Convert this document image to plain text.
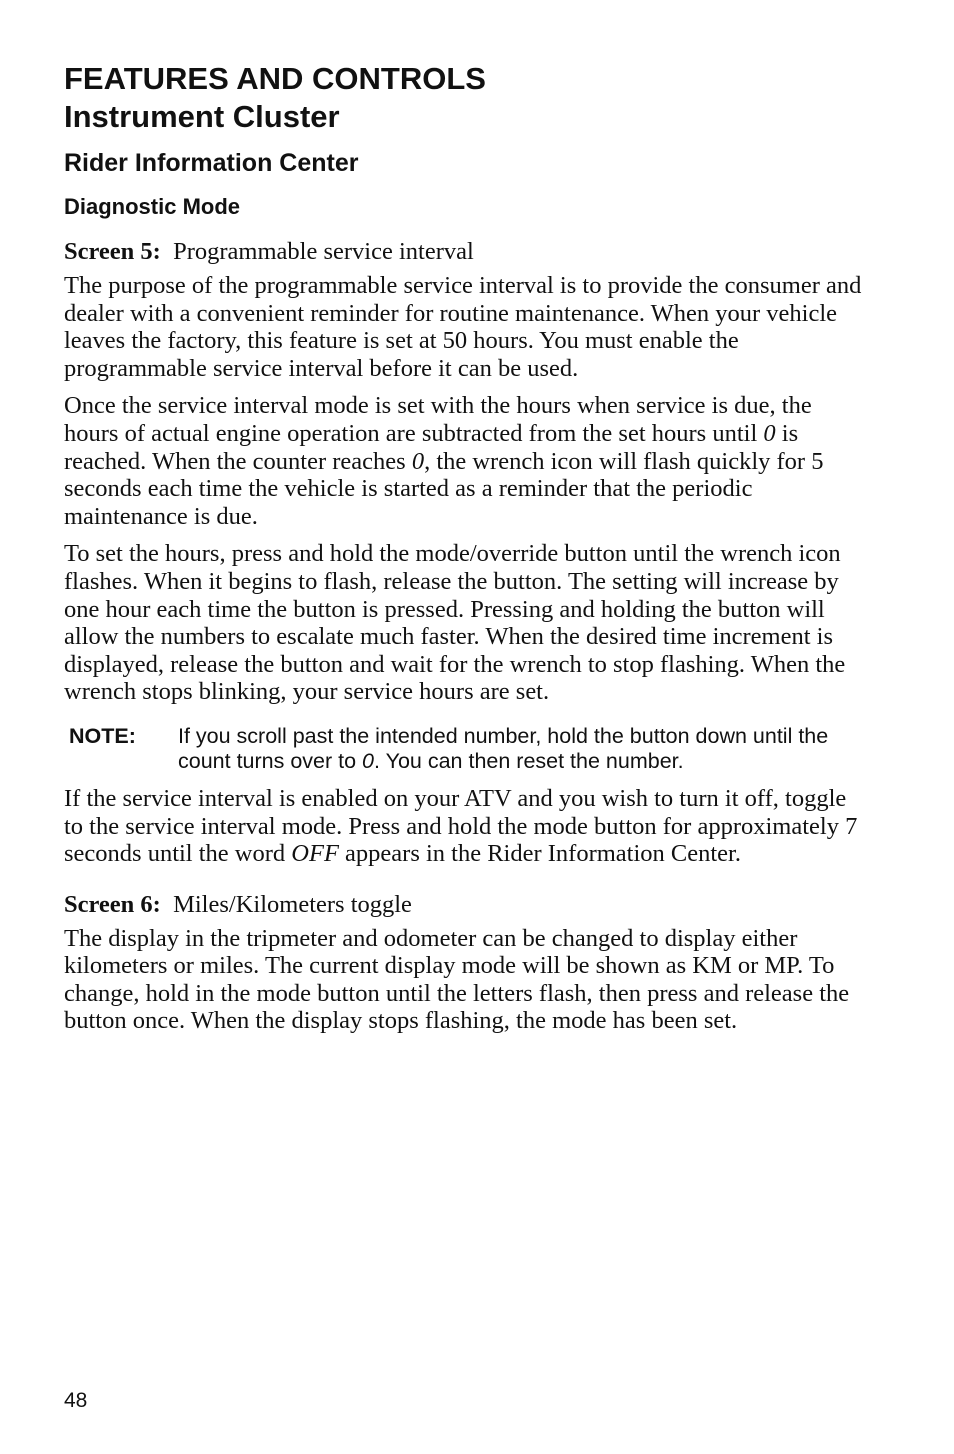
FEATURES AND CONTROLS
Instrument Cluster
Rider Information Center
Diagnostic Mode
Screen 5: Programmable service interval

The purpose of the programmable service interval is to provide the consumer and dealer with a convenient reminder for routine maintenance. When your vehicle leaves the factory, this feature is set at 50 hours. You must enable the programmable service interval before it can be used.

Once the service interval mode is set with the hours when service is due, the hours of actual engine operation are subtracted from the set hours until 0 is reached. When the counter reaches 0, the wrench icon will flash quickly for 5 seconds each time the vehicle is started as a reminder that the periodic maintenance is due.

To set the hours, press and hold the mode/override button until the wrench icon flashes. When it begins to flash, release the button. The setting will increase by one hour each time the button is pressed. Pressing and holding the button will allow the numbers to escalate much faster. When the desired time increment is displayed, release the button and wait for the wrench to stop flashing. When the wrench stops blinking, your service hours are set.

NOTE:	If you scroll past the intended number, hold the button down until the count turns over to 0. You can then reset the number.

If the service interval is enabled on your ATV and you wish to turn it off, toggle to the service interval mode. Press and hold the mode button for approximately 7 seconds until the word OFF appears in the Rider Information Center.

Screen 6: Miles/Kilometers toggle

The display in the tripmeter and odometer can be changed to display either kilometers or miles. The current display mode will be shown as KM or MP. To change, hold in the mode button until the letters flash, then press and release the button once. When the display stops flashing, the mode has been set.

48
